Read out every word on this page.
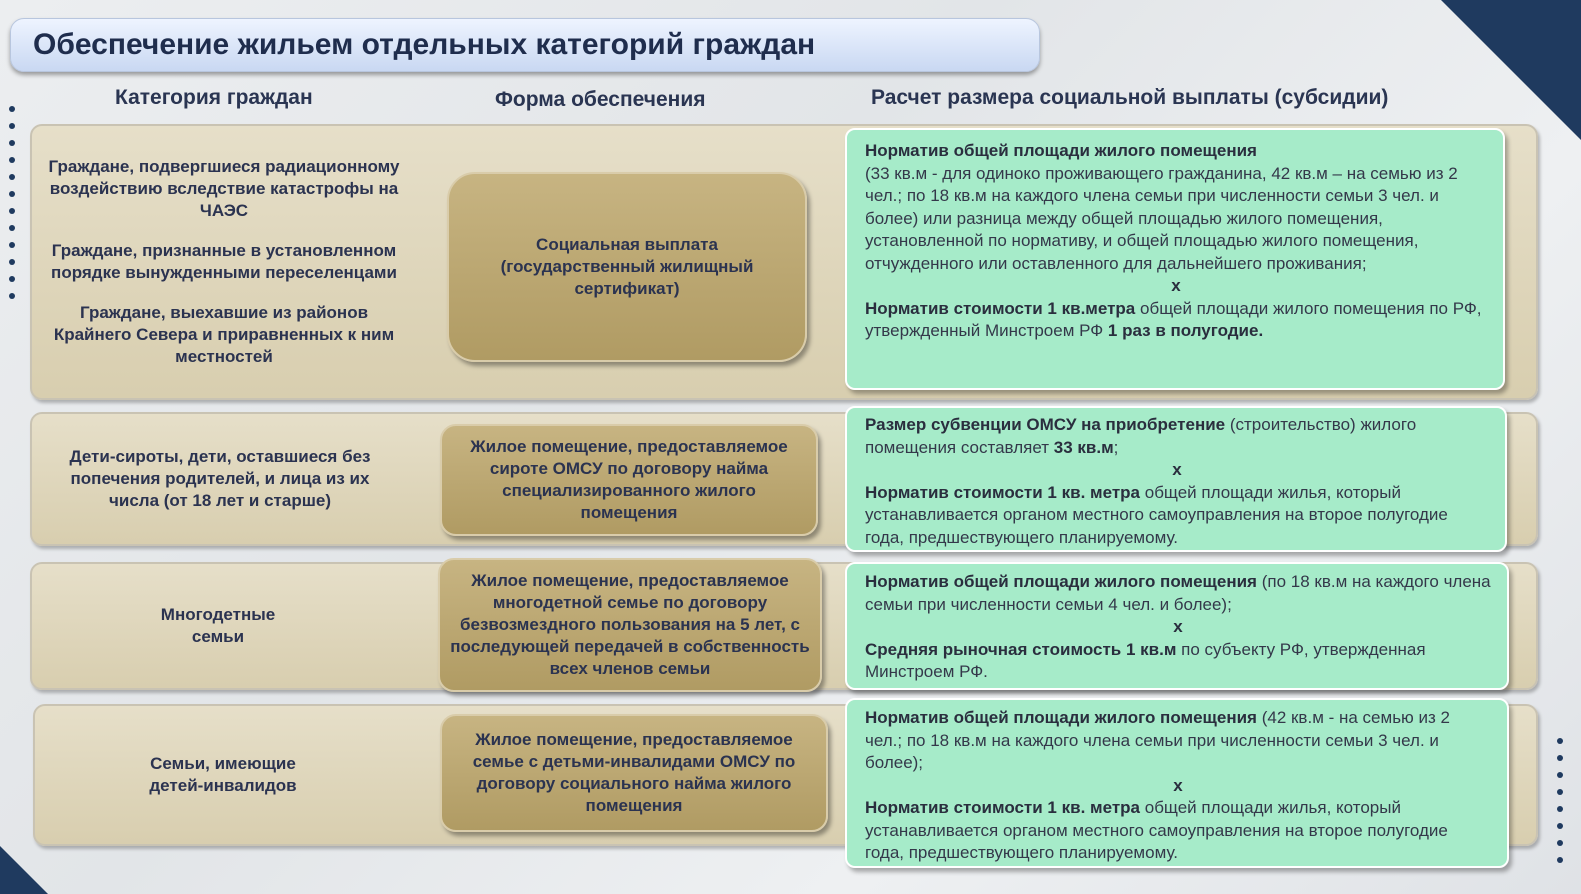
Обеспечение жильем отдельных категорий граждан
Категория граждан	Форма обеспечения	Расчет размера социальной выплаты (субсидии)
Граждане, подвергшиеся радиационному воздействию вследствие катастрофы на ЧАЭС
Граждане, признанные в установленном порядке вынужденными переселенцами
Граждане, выехавшие из районов Крайнего Севера и приравненных к ним местностей
Социальная выплата (государственный жилищный сертификат)

Норматив общей площади жилого помещения
(33 кв.м - для одиноко проживающего гражданина, 42 кв.м – на семью из 2 чел.; по 18 кв.м на каждого члена семьи при численности семьи 3 чел. и более) или разница между общей площадью жилого помещения, установленной по нормативу, и общей площадью жилого помещения, отчужденного или оставленного для дальнейшего проживания;

x

Норматив стоимости 1 кв.метра общей площади жилого помещения по РФ, утвержденный Минстроем РФ 1 раз в полугодие.

Дети-сироты, дети, оставшиеся без попечения родителей, и лица из их числа (от 18 лет и старше)
Жилое помещение, предоставляемое сироте ОМСУ по договору найма специализированного жилого помещения

Размер субвенции ОМСУ на приобретение (строительство) жилого помещения составляет 33 кв.м;

x

Норматив стоимости 1 кв. метра общей площади жилья, который устанавливается органом местного самоуправления на второе полугодие года, предшествующего планируемому.

Многодетные семьи
Жилое помещение, предоставляемое многодетной семье по договору безвозмездного пользования на 5 лет, с последующей передачей в собственность всех членов семьи

Норматив общей площади жилого помещения (по 18 кв.м на каждого члена семьи при численности семьи 4 чел. и более);

x

Средняя рыночная стоимость 1 кв.м по субъекту РФ, утвержденная Минстроем РФ.

Семьи, имеющие детей-инвалидов
Жилое помещение, предоставляемое семье с детьми-инвалидами ОМСУ по договору социального найма жилого помещения

Норматив общей площади жилого помещения (42 кв.м - на семью из 2 чел.; по 18 кв.м на каждого члена семьи при численности семьи 3 чел. и более);

x

Норматив стоимости 1 кв. метра общей площади жилья, который устанавливается органом местного самоуправления на второе полугодие года, предшествующего планируемому.
